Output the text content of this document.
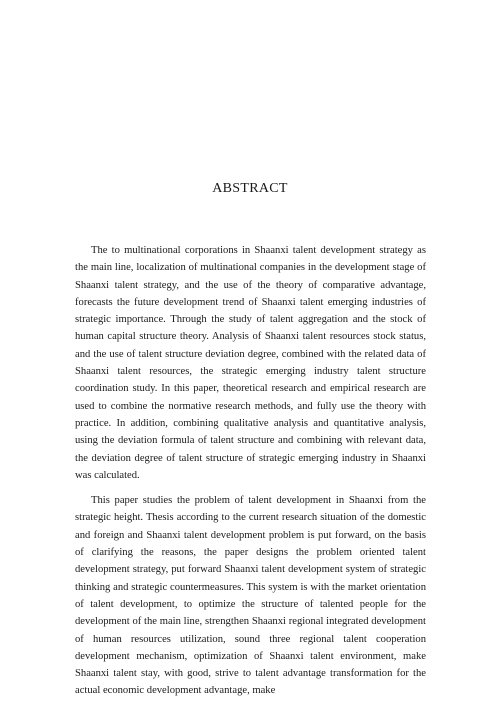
ABSTRACT

The to multinational corporations in Shaanxi talent development strategy as the main line, localization of multinational companies in the development stage of Shaanxi talent strategy, and the use of the theory of comparative advantage, forecasts the future development trend of Shaanxi talent emerging industries of strategic importance. Through the study of talent aggregation and the stock of human capital structure theory. Analysis of Shaanxi talent resources stock status, and the use of talent structure deviation degree, combined with the related data of Shaanxi talent resources, the strategic emerging industry talent structure coordination study. In this paper, theoretical research and empirical research are used to combine the normative research methods, and fully use the theory with practice. In addition, combining qualitative analysis and quantitative analysis, using the deviation formula of talent structure and combining with relevant data, the deviation degree of talent structure of strategic emerging industry in Shaanxi was calculated.

This paper studies the problem of talent development in Shaanxi from the strategic height. Thesis according to the current research situation of the domestic and foreign and Shaanxi talent development problem is put forward, on the basis of clarifying the reasons, the paper designs the problem oriented talent development strategy, put forward Shaanxi talent development system of strategic thinking and strategic countermeasures. This system is with the market orientation of talent development, to optimize the structure of talented people for the development of the main line, strengthen Shaanxi regional integrated development of human resources utilization, sound three regional talent cooperation development mechanism, optimization of Shaanxi talent environment, make Shaanxi talent stay, with good, strive to talent advantage transformation for the actual economic development advantage, make
